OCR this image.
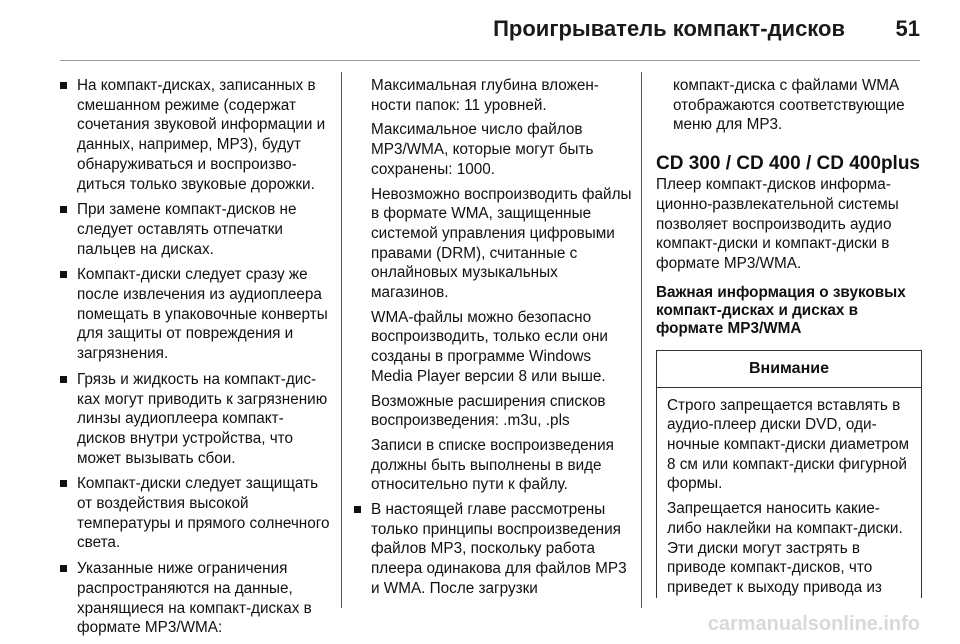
Проигрыватель компакт-дисков 51
На компакт-дисках, записанных в смешанном режиме (содержат сочетания звуковой информации и данных, например, MP3), будут обнаруживаться и воспроизводиться только звуковые дорожки.
При замене компакт-дисков не следует оставлять отпечатки пальцев на дисках.
Компакт-диски следует сразу же после извлечения из аудиоплеера помещать в упаковочные конверты для защиты от повреждения и загрязнения.
Грязь и жидкость на компакт-дисках могут приводить к загрязнению линзы аудиоплеера компакт-дисков внутри устройства, что может вызывать сбои.
Компакт-диски следует защищать от воздействия высокой температуры и прямого солнечного света.
Указанные ниже ограничения распространяются на данные, хранящиеся на компакт-дисках в формате MP3/WMA:

Максимальная глубина вложенности папок: 11 уровней.

Максимальное число файлов MP3/WMA, которые могут быть сохранены: 1000.

Невозможно воспроизводить файлы в формате WMA, защищенные системой управления цифровыми правами (DRM), считанные с онлайновых музыкальных магазинов.

WMA-файлы можно безопасно воспроизводить, только если они созданы в программе Windows Media Player версии 8 или выше.

Возможные расширения списков воспроизведения: .m3u, .pls

Записи в списке воспроизведения должны быть выполнены в виде относительно пути к файлу.

В настоящей главе рассмотрены только принципы воспроизведения файлов MP3, поскольку работа плеера одинакова для файлов MP3 и WMA. После загрузки

компакт-диска с файлами WMA отображаются соответствующие меню для MP3.

CD 300 / CD 400 / CD 400plus

Плеер компакт-дисков информационно-развлекательной системы позволяет воспроизводить аудио компакт-диски и компакт-диски в формате MP3/WMA.

Важная информация о звуковых компакт-дисках и дисках в формате MP3/WMA
Внимание

Строго запрещается вставлять в аудио-плеер диски DVD, одиночные компакт-диски диаметром 8 см или компакт-диски фигурной формы.

Запрещается наносить какие-либо наклейки на компакт-диски. Эти диски могут застрять в приводе компакт-дисков, что приведет к выходу привода из

carmanualsonline.info
